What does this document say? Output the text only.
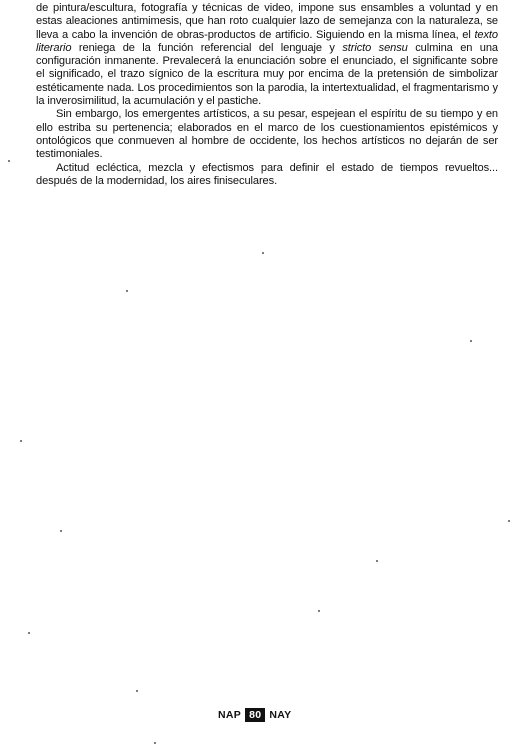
de pintura/escultura, fotografía y técnicas de video, impone sus ensambles a voluntad y en estas aleaciones antimimesis, que han roto cualquier lazo de semejanza con la naturaleza, se lleva a cabo la invención de obras-productos de artificio. Siguiendo en la misma línea, el texto literario reniega de la función referencial del lenguaje y stricto sensu culmina en una configuración inmanente. Prevalecerá la enunciación sobre el enunciado, el significante sobre el significado, el trazo sígnico de la escritura muy por encima de la pretensión de simbolizar estéticamente nada. Los procedimientos son la parodia, la intertextualidad, el fragmentarismo y la inverosimilitud, la acumulación y el pastiche.

Sin embargo, los emergentes artísticos, a su pesar, espejean el espíritu de su tiempo y en ello estriba su pertenencia; elaborados en el marco de los cuestionamientos epistémicos y ontológicos que conmueven al hombre de occidente, los hechos artísticos no dejarán de ser testimoniales.

Actitud ecléctica, mezcla y efectismos para definir el estado de tiempos revueltos... después de la modernidad, los aires finiseculares.

NAP 80 NAY
